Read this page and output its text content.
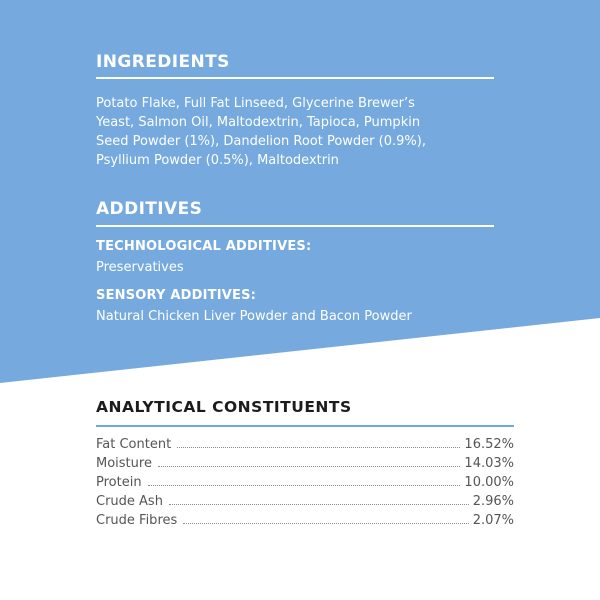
INGREDIENTS
Potato Flake, Full Fat Linseed, Glycerine Brewer’s
Yeast, Salmon Oil, Maltodextrin, Tapioca, Pumpkin
Seed Powder (1%), Dandelion Root Powder (0.9%),
Psyllium Powder (0.5%), Maltodextrin
ADDITIVES
TECHNOLOGICAL ADDITIVES:
Preservatives
SENSORY ADDITIVES:
Natural Chicken Liver Powder and Bacon Powder
ANALYTICAL CONSTITUENTS
Fat Content	16.52%
Moisture	14.03%
Protein	10.00%
Crude Ash	2.96%
Crude Fibres	2.07%
